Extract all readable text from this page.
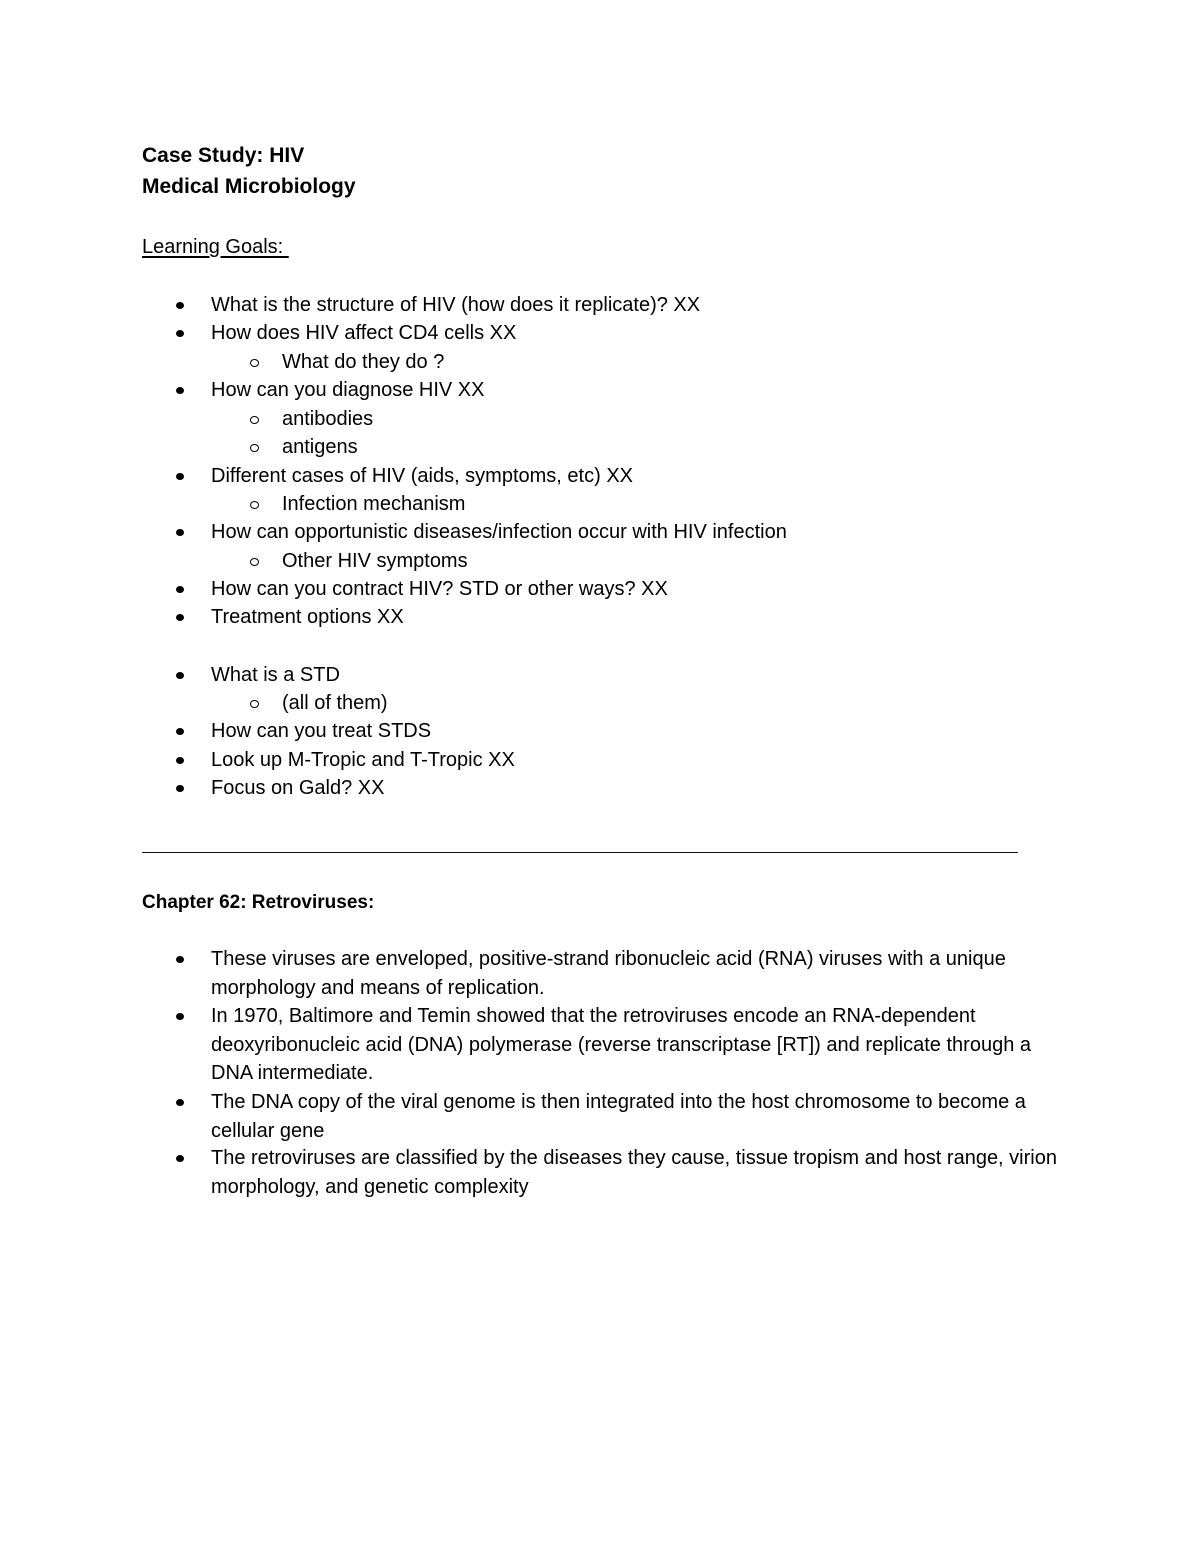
Case Study: HIV
Medical Microbiology
Learning Goals:
What is the structure of HIV (how does it replicate)? XX
How does HIV affect CD4 cells XX
What do they do ?
How can you diagnose HIV XX
antibodies
antigens
Different cases of HIV (aids, symptoms, etc) XX
Infection mechanism
How can opportunistic diseases/infection occur with HIV infection
Other HIV symptoms
How can you contract HIV? STD or other ways? XX
Treatment options XX
What is a STD
(all of them)
How can you treat STDS
Look up M-Tropic and T-Tropic XX
Focus on Gald? XX
Chapter 62: Retroviruses:
These viruses are enveloped, positive-strand ribonucleic acid (RNA) viruses with a unique morphology and means of replication.
In 1970, Baltimore and Temin showed that the retroviruses encode an RNA-dependent deoxyribonucleic acid (DNA) polymerase (reverse transcriptase [RT]) and replicate through a DNA intermediate.
The DNA copy of the viral genome is then integrated into the host chromosome to become a cellular gene
The retroviruses are classified by the diseases they cause, tissue tropism and host range, virion morphology, and genetic complexity
